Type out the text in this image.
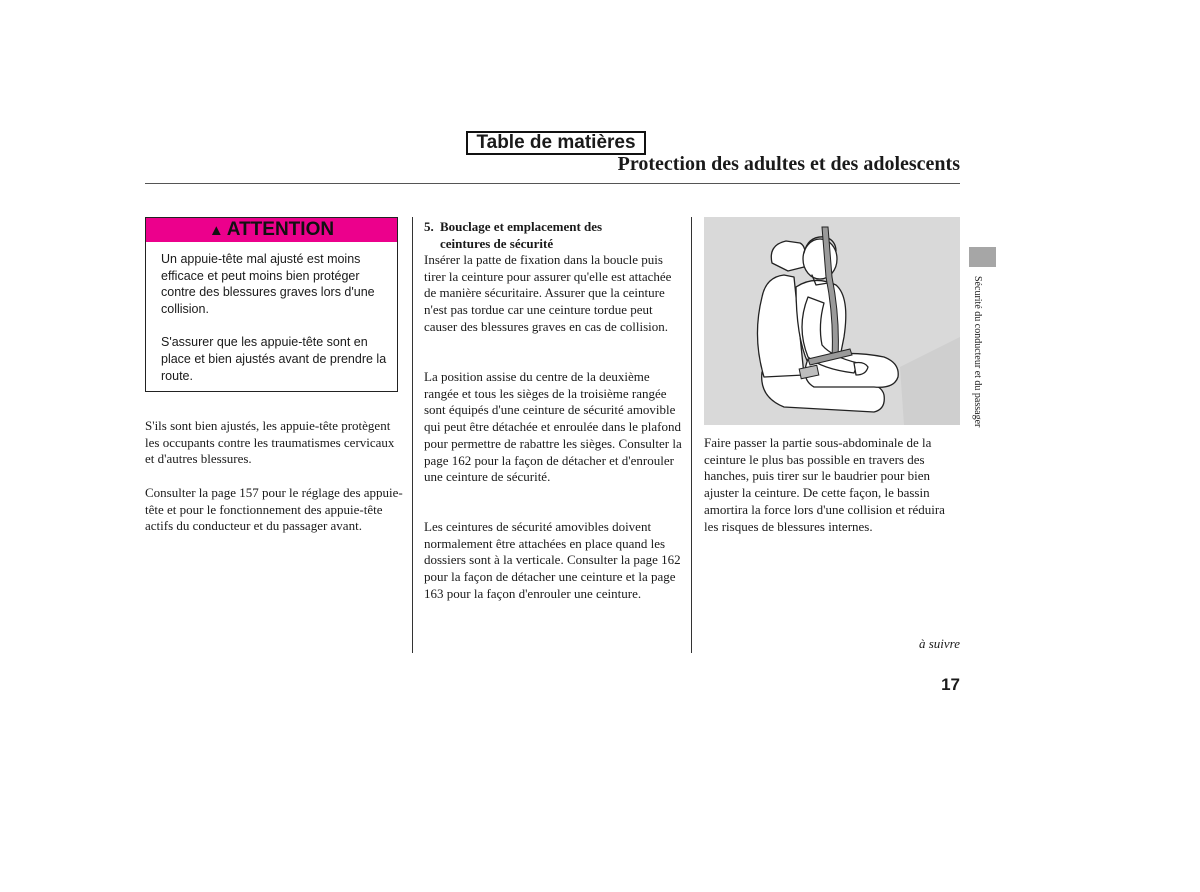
Table de matières
Protection des adultes et des adolescents
▲ ATTENTION

Un appuie-tête mal ajusté est moins efficace et peut moins bien protéger contre des blessures graves lors d'une collision.

S'assurer que les appuie-tête sont en place et bien ajustés avant de prendre la route.

S'ils sont bien ajustés, les appuie-tête protègent les occupants contre les traumatismes cervicaux et d'autres blessures.

Consulter la page 157 pour le réglage des appuie-tête et pour le fonctionnement des appuie-tête actifs du conducteur et du passager avant.

5. Bouclage et emplacement des
ceintures de sécurité

Insérer la patte de fixation dans la boucle puis tirer la ceinture pour assurer qu'elle est attachée de manière sécuritaire. Assurer que la ceinture n'est pas tordue car une ceinture tordue peut causer des blessures graves en cas de collision.

La position assise du centre de la deuxième rangée et tous les sièges de la troisième rangée sont équipés d'une ceinture de sécurité amovible qui peut être détachée et enroulée dans le plafond pour permettre de rabattre les sièges. Consulter la page 162 pour la façon de détacher et d'enrouler une ceinture de sécurité.

Les ceintures de sécurité amovibles doivent normalement être attachées en place quand les dossiers sont à la verticale. Consulter la page 162 pour la façon de détacher une ceinture et la page 163 pour la façon d'enrouler une ceinture.

Faire passer la partie sous-abdominale de la ceinture le plus bas possible en travers des hanches, puis tirer sur le baudrier pour bien ajuster la ceinture. De cette façon, le bassin amortira la force lors d'une collision et réduira les risques de blessures internes.

Sécurité du conducteur et du passager
à suivre
17
